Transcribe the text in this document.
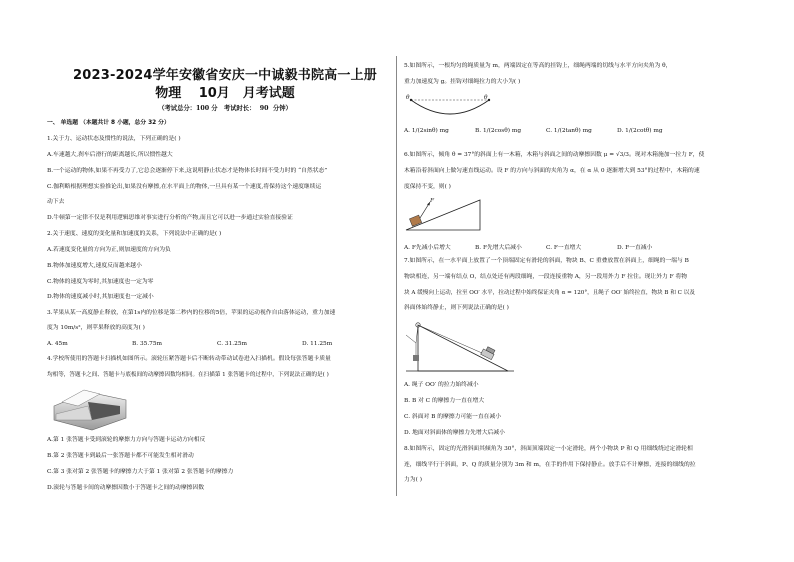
2023-2024学年安徽省安庆一中诚毅书院高一上册
物理　 10月　月考试题
（考试总分：100 分　考试时长：  90  分钟）
一、 单选题 （本题共计 8 小题，总分 32 分）
1.关于力、运动状态及惯性的说法，下列正确的是( )
A.车速越大,刹车后滑行的距离越长,所以惯性越大
B.一个运动的物体,如果不再受力了,它总会逐渐停下来,这说明静止状态才是物体长时间不受力时的 “自然状态”
C.伽利略根据理想实验推论出,如果没有摩擦,在水平面上的物体,一旦具有某一个速度,将保持这个速度继续运
动下去
D.牛顿第一定律不仅是利用逻辑思维对事实进行分析的产物,而且它可以进一步通过实验直接验证
2.关于速度、速度的变化量和加速度的关系，下列说法中正确的是( )
A.若速度变化量的方向为正,则加速度的方向为负
B.物体加速度增大,速度反而越来越小
C.物体的速度为零时,其加速度也一定为零
D.物体的速度减小时,其加速度也一定减小
3.苹果从某一高度静止释放，在第1s内的位移是第二秒内的位移的5倍，苹果的运动视作自由落体运动，重力加速
度为 10m/s²，则苹果释放的高度为( )
A. 45m	B. 35.75m	C. 31.25m	D. 11.25m
4.学校所使用的答题卡扫描机如图所示。滚轮压紧答题卡后不断转动带动试卷进入扫描机。假设每张答题卡质量
均相等，答题卡之间、答题卡与底板间的动摩擦因数均相同。在扫描第 1 张答题卡的过程中，下列说法正确的是( )
A.第 1 张答题卡受到滚轮的摩擦力方向与答题卡运动方向相反
B.第 2 张答题卡到最后一张答题卡都不可能发生相对滑动
C.第 3 张对第 2 张答题卡的摩擦力大于第 1 张对第 2 张答题卡的摩擦力
D.滚轮与答题卡间的动摩擦因数小于答题卡之间的动摩擦因数
5.如图所示，一根均匀的绳质量为 m，两端固定在等高的挂钩上，细绳两端的切线与水平方向夹角为 θ，
重力加速度为 g。挂钩对细绳拉力的大小为( )
θ	θ
A. 1/(2sinθ) mg	B. 1/(2cosθ) mg	C. 1/(2tanθ) mg	D. 1/(2cotθ) mg
6.如图所示，倾角 θ = 37°的斜面上有一木箱，木箱与斜面之间的动摩擦因数 μ = √3/3。现对木箱施加一拉力 F，使
木箱沿着斜面向上做匀速直线运动。设 F 的方向与斜面的夹角为 α，在 α 从 0 逐渐增大到 53°的过程中，木箱的速
度保持不变，则( )
F
A. F先减小后增大	B. F先增大后减小	C. F一直增大	D. F一直减小
7.如图所示，在一水平面上放置了一个顶端固定有滑轮的斜面，物块 B、C 重叠放置在斜面上，细绳的一端与 B
物块相连，另一端有结点 O，结点处还有两段细绳，一段连接重物 A，另一段用外力 F 拉住。现让外力 F 将物
块 A 缓慢向上运动，拉至 OO′ 水平，拉动过程中始终保证夹角 α = 120°，且绳子 OO′ 始终拉直，物块 B 和 C 以及
斜面体始终静止，则下列说法正确的是( )
A. 绳子 OO′ 的拉力始终减小
B. B 对 C 的摩擦力一直在增大
C. 斜面对 B 的摩擦力可能一直在减小
D. 地面对斜面体的摩擦力先增大后减小
8.如图所示，固定的光滑斜面其倾角为 30°，斜面顶端固定一小定滑轮，两个小物块 P 和 Q 用细线绕过定滑轮相
连，细线平行于斜面，P、Q 的质量分别为 3m 和 m，在手的作用下保持静止。放手后不计摩擦，连接的细线的拉
力为( )
